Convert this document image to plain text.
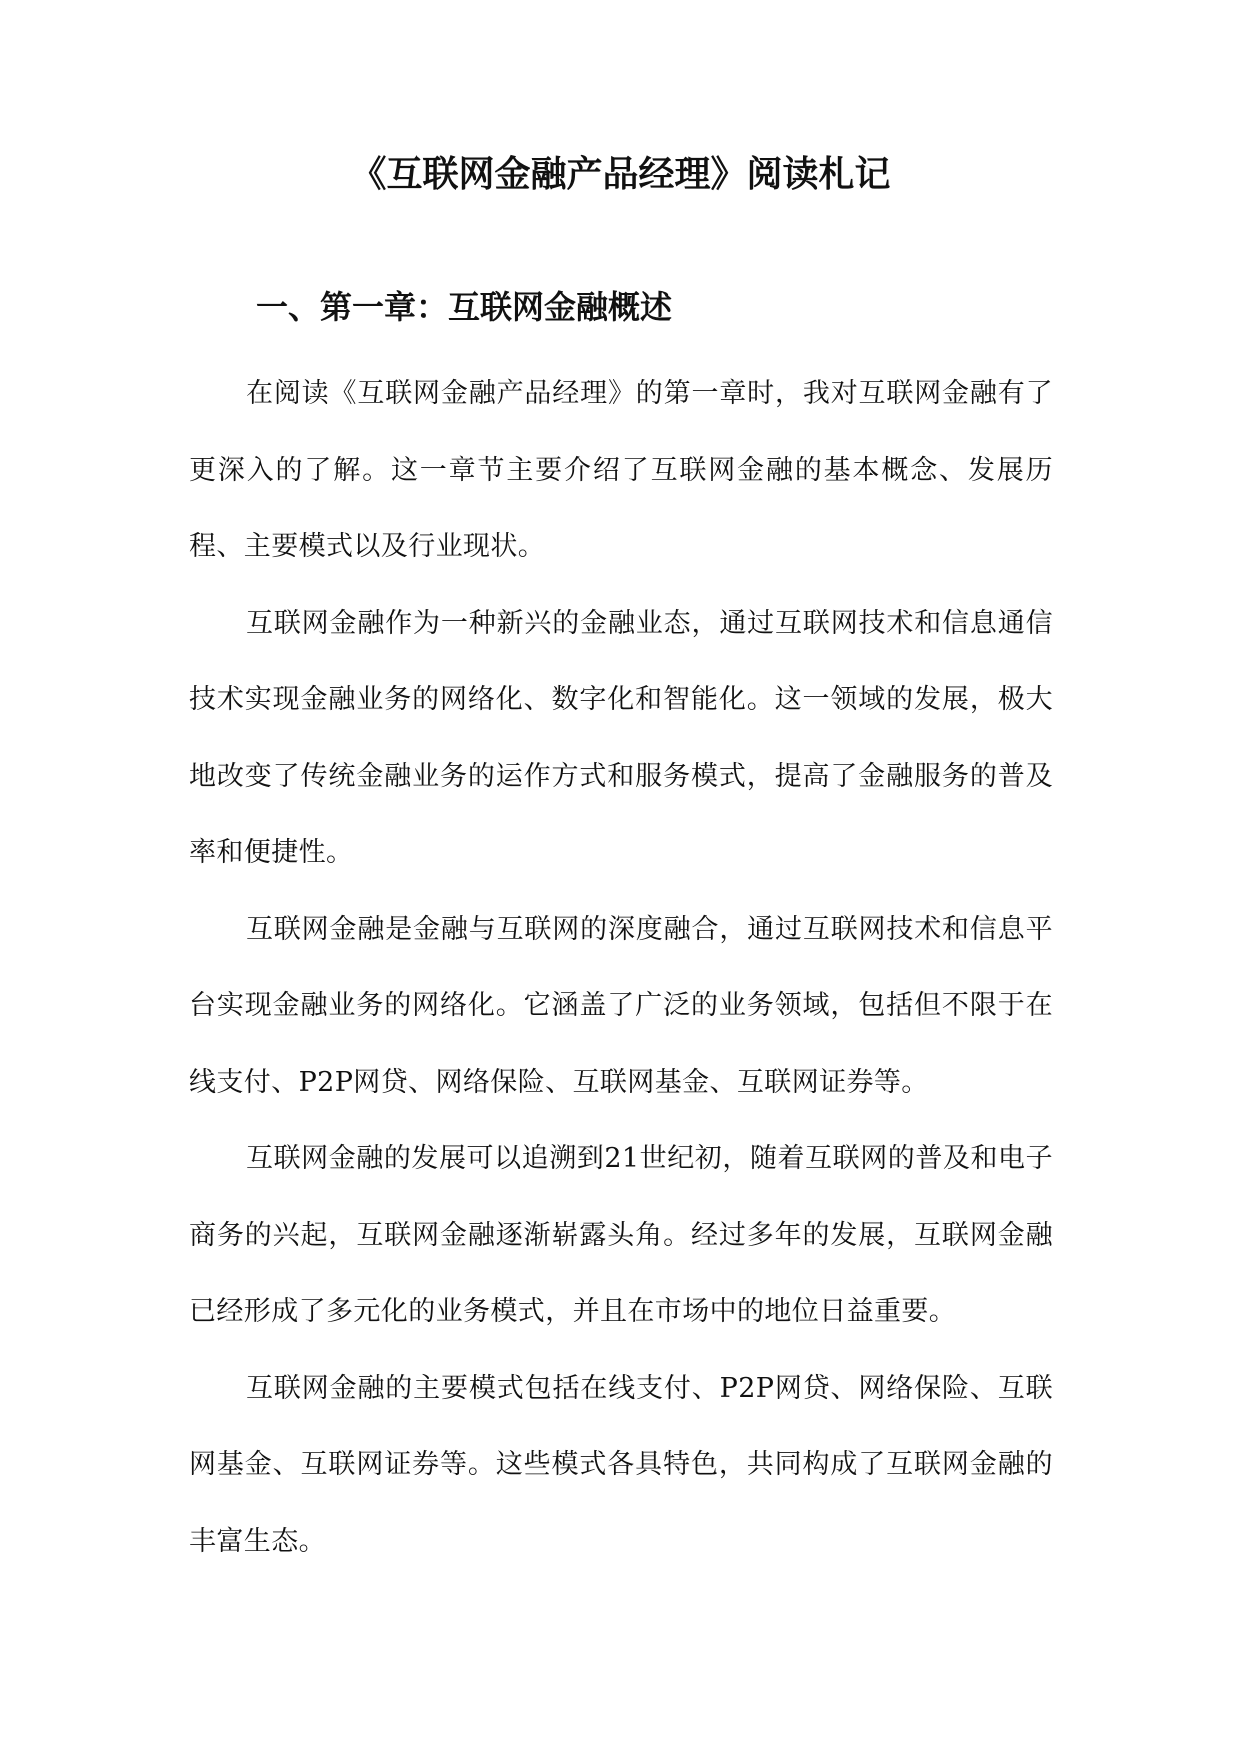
《互联网金融产品经理》阅读札记
一、第一章：互联网金融概述

在阅读《互联网金融产品经理》的第一章时，我对互联网金融有了更深入的了解。这一章节主要介绍了互联网金融的基本概念、发展历程、主要模式以及行业现状。

互联网金融作为一种新兴的金融业态，通过互联网技术和信息通信技术实现金融业务的网络化、数字化和智能化。这一领域的发展，极大地改变了传统金融业务的运作方式和服务模式，提高了金融服务的普及率和便捷性。

互联网金融是金融与互联网的深度融合，通过互联网技术和信息平台实现金融业务的网络化。它涵盖了广泛的业务领域，包括但不限于在线支付、P2P网贷、网络保险、互联网基金、互联网证券等。

互联网金融的发展可以追溯到21世纪初，随着互联网的普及和电子商务的兴起，互联网金融逐渐崭露头角。经过多年的发展，互联网金融已经形成了多元化的业务模式，并且在市场中的地位日益重要。

互联网金融的主要模式包括在线支付、P2P网贷、网络保险、互联网基金、互联网证券等。这些模式各具特色，共同构成了互联网金融的丰富生态。
